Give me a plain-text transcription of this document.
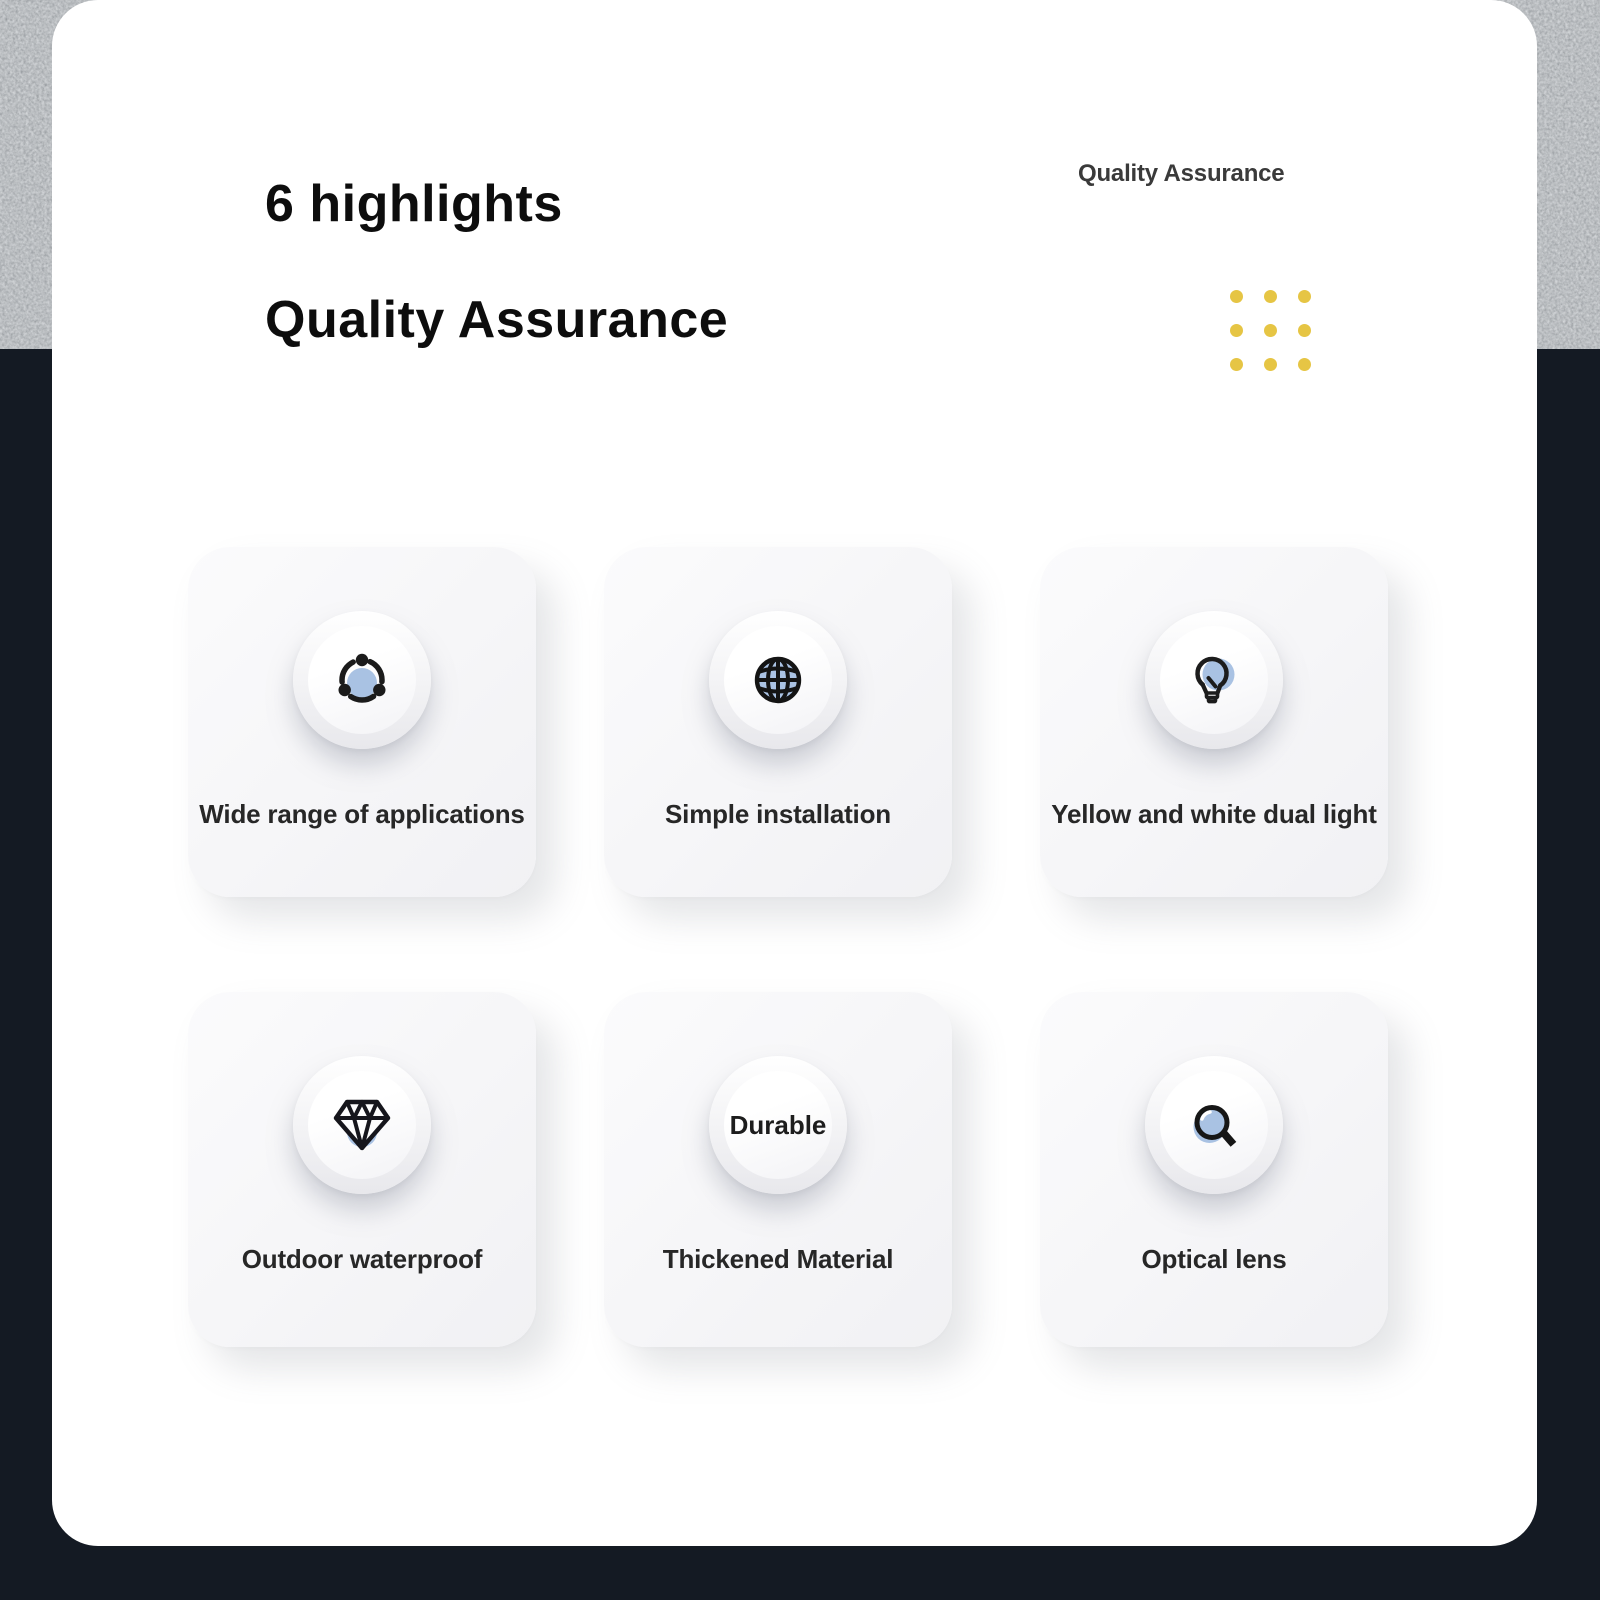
6 highlights
Quality Assurance
Quality Assurance
Wide range of applications	Simple installation	Yellow and white dual light
Outdoor waterproof
Durable
Thickened Material	Optical lens
